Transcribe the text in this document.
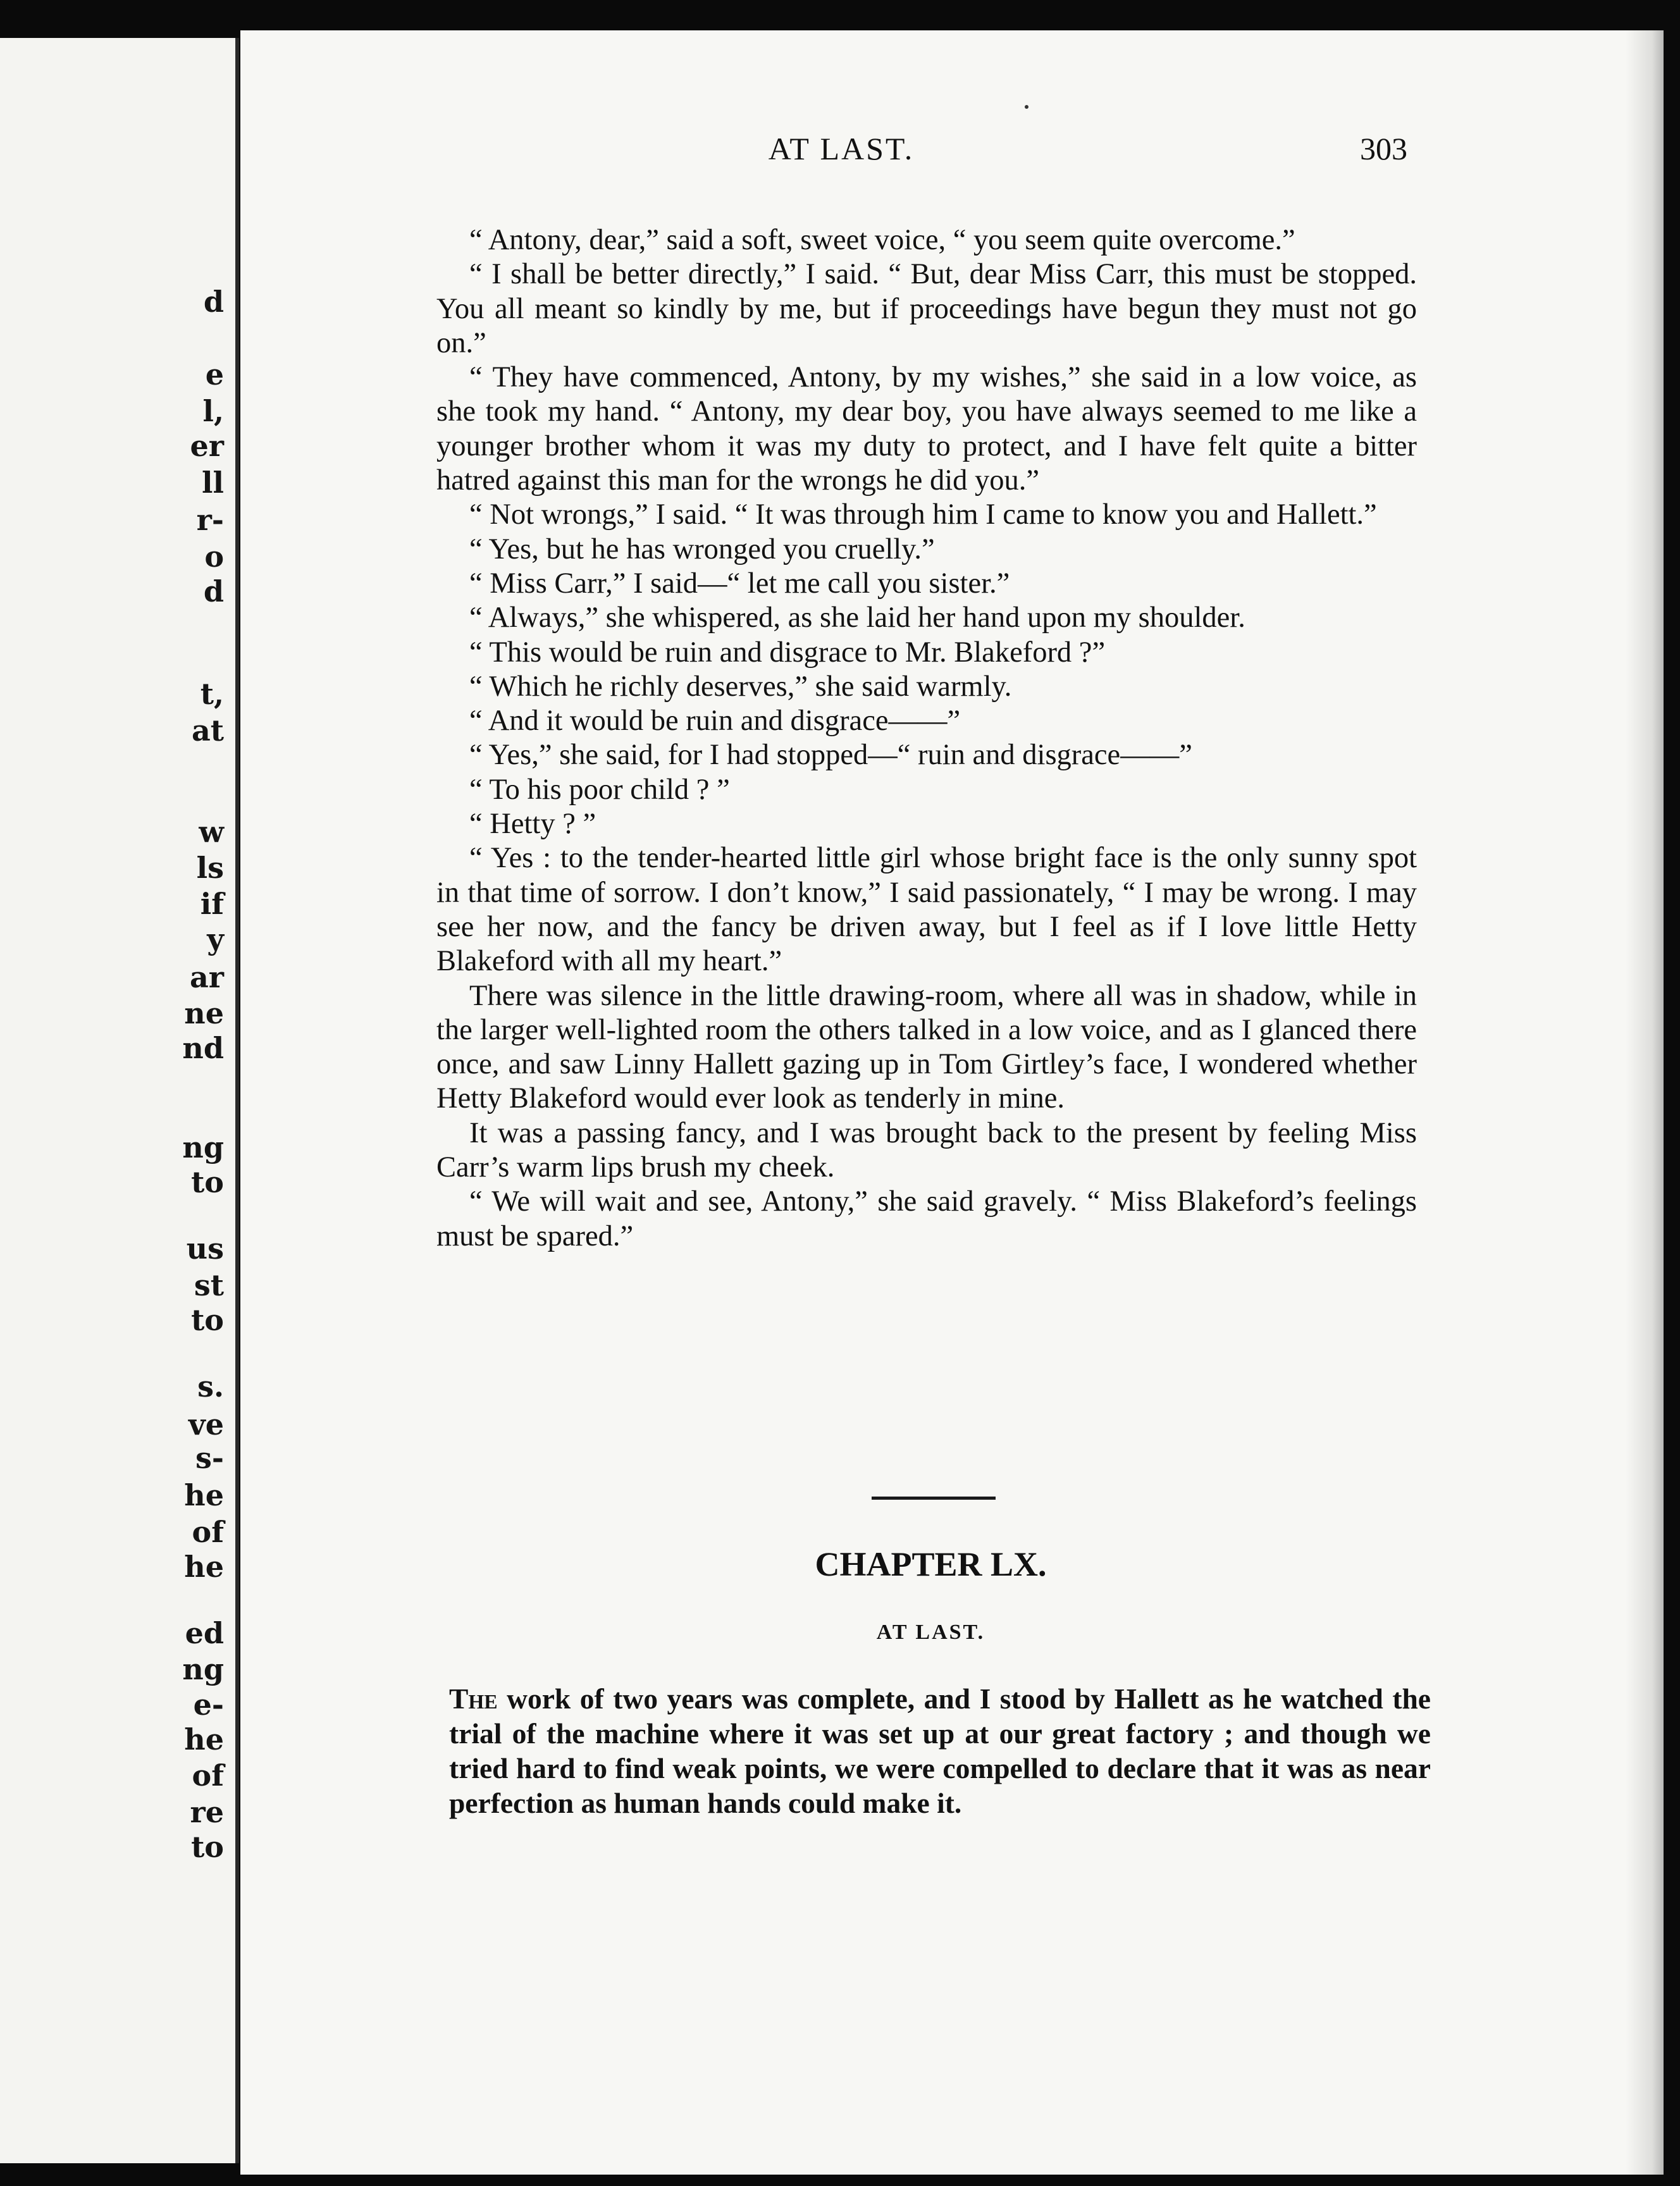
d
e
l,
er
ll
r-
o
d
t,
at
w
ls
if
y
ar
ne
nd
ng
to
us
st
to
s.
ve
s-
he
of
he
ed
ng
e-
he
of
re
to
AT LAST.	303

“ Antony, dear,” said a soft, sweet voice, “ you seem quite overcome.”

“ I shall be better directly,” I said. “ But, dear Miss Carr, this must be stopped. You all meant so kindly by me, but if proceedings have begun they must not go on.”

“ They have commenced, Antony, by my wishes,” she said in a low voice, as she took my hand. “ Antony, my dear boy, you have always seemed to me like a younger brother whom it was my duty to protect, and I have felt quite a bitter hatred against this man for the wrongs he did you.”

“ Not wrongs,” I said. “ It was through him I came to know you and Hallett.”

“ Yes, but he has wronged you cruelly.”

“ Miss Carr,” I said—“ let me call you sister.”

“ Always,” she whispered, as she laid her hand upon my shoulder.

“ This would be ruin and disgrace to Mr. Blakeford ?”

“ Which he richly deserves,” she said warmly.

“ And it would be ruin and disgrace——”

“ Yes,” she said, for I had stopped—“ ruin and disgrace——”

“ To his poor child ? ”

“ Hetty ? ”

“ Yes : to the tender-hearted little girl whose bright face is the only sunny spot in that time of sorrow. I don’t know,” I said passionately, “ I may be wrong. I may see her now, and the fancy be driven away, but I feel as if I love little Hetty Blakeford with all my heart.”

There was silence in the little drawing-room, where all was in shadow, while in the larger well-lighted room the others talked in a low voice, and as I glanced there once, and saw Linny Hallett gazing up in Tom Girtley’s face, I wondered whether Hetty Blakeford would ever look as tenderly in mine.

It was a passing fancy, and I was brought back to the present by feeling Miss Carr’s warm lips brush my cheek.

“ We will wait and see, Antony,” she said gravely. “ Miss Blakeford’s feelings must be spared.”

CHAPTER LX.
AT LAST.
The work of two years was complete, and I stood by Hallett as he watched the trial of the machine where it was set up at our great factory ; and though we tried hard to find weak points, we were compelled to declare that it was as near perfection as human hands could make it.
